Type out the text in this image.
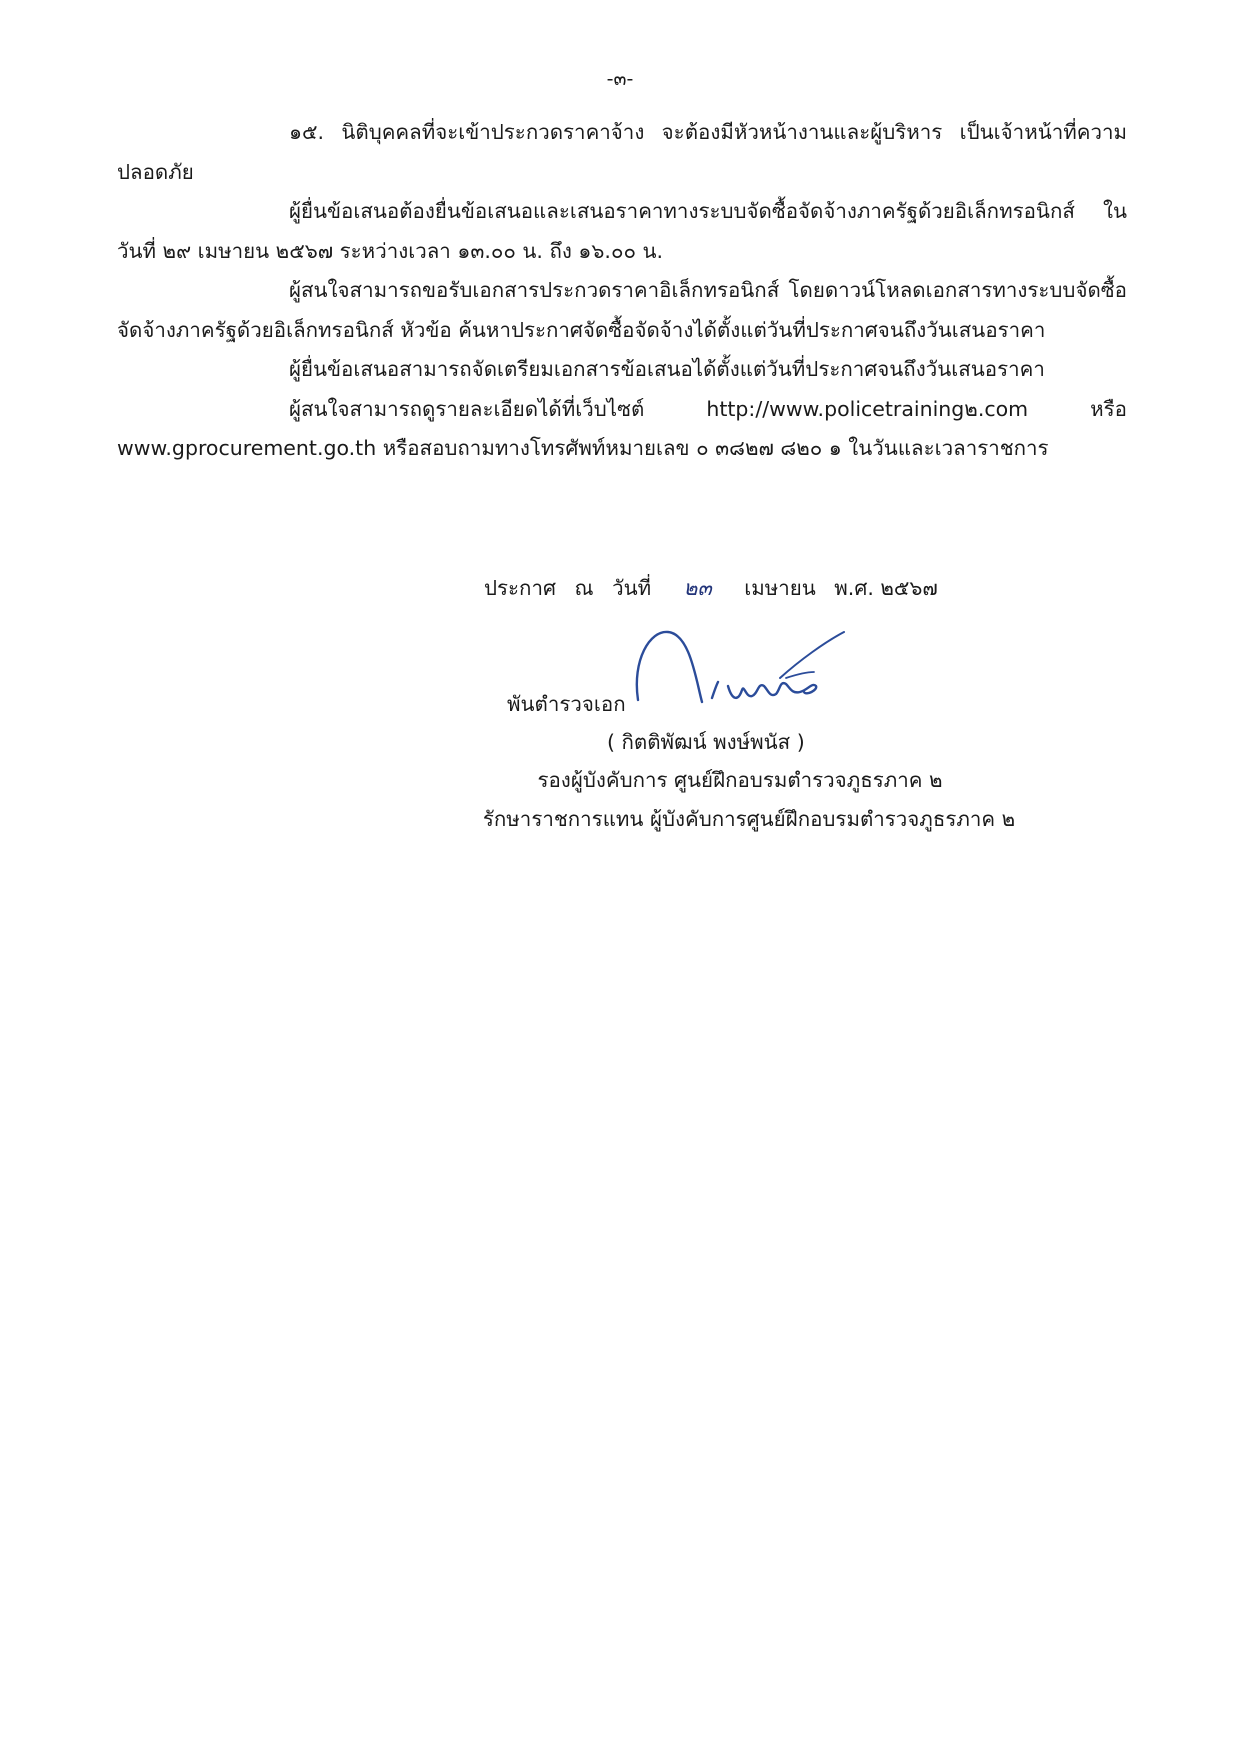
-๓-

๑๕. นิติบุคคลที่จะเข้าประกวดราคาจ้าง จะต้องมีหัวหน้างานและผู้บริหาร เป็นเจ้าหน้าที่ความปลอดภัย

ผู้ยื่นข้อเสนอต้องยื่นข้อเสนอและเสนอราคาทางระบบจัดซื้อจัดจ้างภาครัฐด้วยอิเล็กทรอนิกส์ ในวันที่ ๒๙ เมษายน ๒๕๖๗ ระหว่างเวลา ๑๓.๐๐ น. ถึง ๑๖.๐๐ น.

ผู้สนใจสามารถขอรับเอกสารประกวดราคาอิเล็กทรอนิกส์ โดยดาวน์โหลดเอกสารทางระบบจัดซื้อจัดจ้างภาครัฐด้วยอิเล็กทรอนิกส์ หัวข้อ ค้นหาประกาศจัดซื้อจัดจ้างได้ตั้งแต่วันที่ประกาศจนถึงวันเสนอราคา

ผู้ยื่นข้อเสนอสามารถจัดเตรียมเอกสารข้อเสนอได้ตั้งแต่วันที่ประกาศจนถึงวันเสนอราคา

ผู้สนใจสามารถดูรายละเอียดได้ที่เว็บไซต์ http://www.policetraining๒.com หรือ www.gprocurement.go.th หรือสอบถามทางโทรศัพท์หมายเลข ๐ ๓๘๒๗ ๘๒๐ ๑ ในวันและเวลาราชการ

ประกาศ ณ วันที่ ๒๓ เมษายน พ.ศ. ๒๕๖๗
พันตำรวจเอก
( กิตติพัฒน์ พงษ์พนัส )
รองผู้บังคับการ ศูนย์ฝึกอบรมตำรวจภูธรภาค ๒
รักษาราชการแทน ผู้บังคับการศูนย์ฝึกอบรมตำรวจภูธรภาค ๒
